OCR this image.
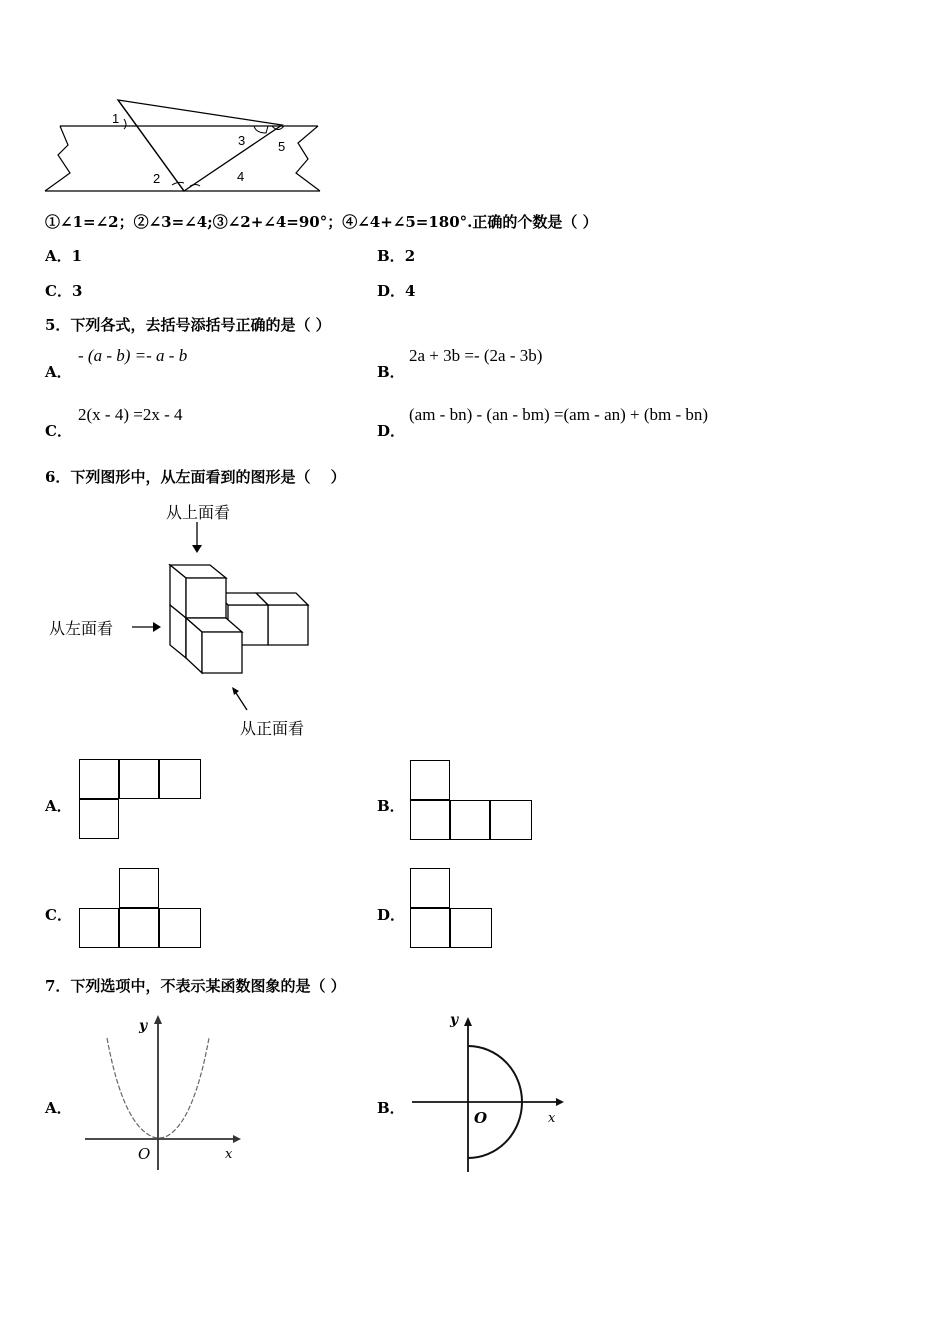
1
2
3
4
5
①∠1=∠2；②∠3=∠4;③∠2+∠4=90°；④∠4+∠5=180°.正确的个数是（ ）
A．1	B．2
C．3	D．4
5．下列各式，去括号添括号正确的是（ ）
A．
- (a - b) =- a - b
B．
2a + 3b =- (2a - 3b)
C．
2(x - 4) =2x - 4
D．
(am - bn) - (an - bm) =(am - an) + (bm - bn)
6．下列图形中，从左面看到的图形是（　 ）
从上面看
从左面看
从正面看
A．	B．
C．	D．
7．下列选项中，不表示某函数图象的是（ ）
A．
y
x
O
B．
y
x
O
